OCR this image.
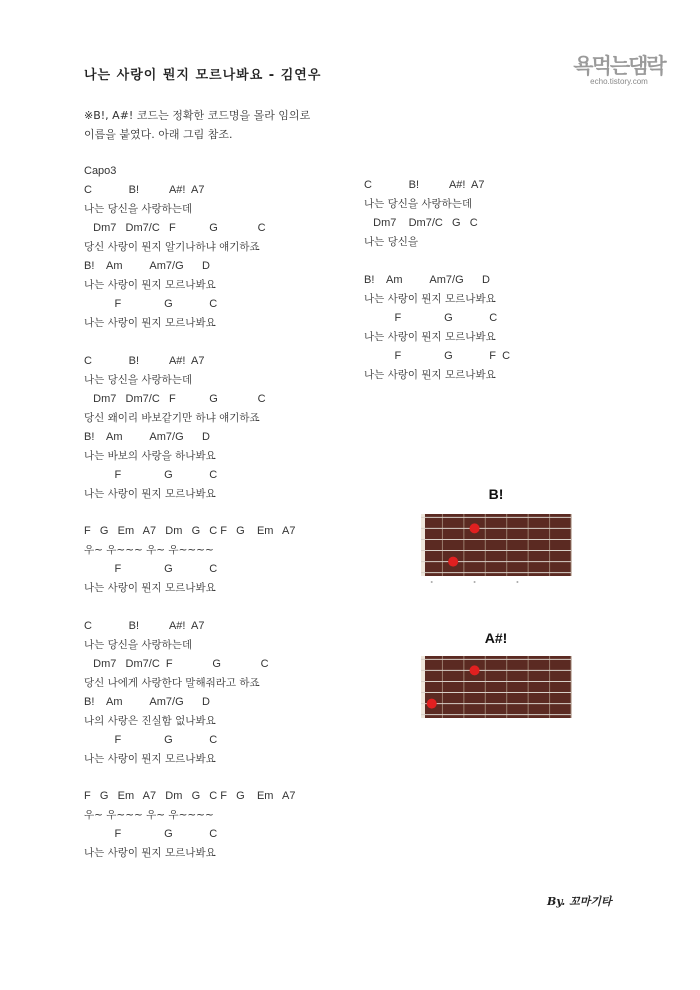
나는 사랑이 뭔지 모르나봐요 - 김연우	욕먹는댐락
echo.tistory.com
※B!, A#! 코드는 정확한 코드명을 몰라 임의로
이름을 붙였다. 아래 그림 참조.
Capo3
C            B!          A#!  A7
나는 당신을 사랑하는데
Dm7   Dm7/C   F           G             C
당신 사랑이 뭔지 알기나하냐 얘기하죠
B!    Am         Am7/G      D
나는 사랑이 뭔지 모르나봐요
F              G            C
나는 사랑이 뭔지 모르나봐요
C            B!          A#!  A7
나는 당신을 사랑하는데
Dm7   Dm7/C   F           G             C
당신 왜이리 바보같기만 하냐 얘기하죠
B!    Am         Am7/G      D
나는 바보의 사랑을 하나봐요
F              G            C
나는 사랑이 뭔지 모르나봐요
F   G   Em   A7   Dm   G   C F   G    Em   A7
우~ 우~~~ 우~ 우~~~~
F              G            C
나는 사랑이 뭔지 모르나봐요
C            B!          A#!  A7
나는 당신을 사랑하는데
Dm7   Dm7/C  F             G             C
당신 나에게 사랑한다 말해줘라고 하죠
B!    Am         Am7/G      D
나의 사랑은 진실함 없나봐요
F              G            C
나는 사랑이 뭔지 모르나봐요
F   G   Em   A7   Dm   G   C F   G    Em   A7
우~ 우~~~ 우~ 우~~~~
F              G            C
나는 사랑이 뭔지 모르나봐요
C            B!          A#!  A7
나는 당신을 사랑하는데
Dm7    Dm7/C   G   C
나는 당신을
B!    Am         Am7/G      D
나는 사랑이 뭔지 모르나봐요
F              G            C
나는 사랑이 뭔지 모르나봐요
F              G            F  C
나는 사랑이 뭔지 모르나봐요
B!
A#!
By. 꼬마기타
